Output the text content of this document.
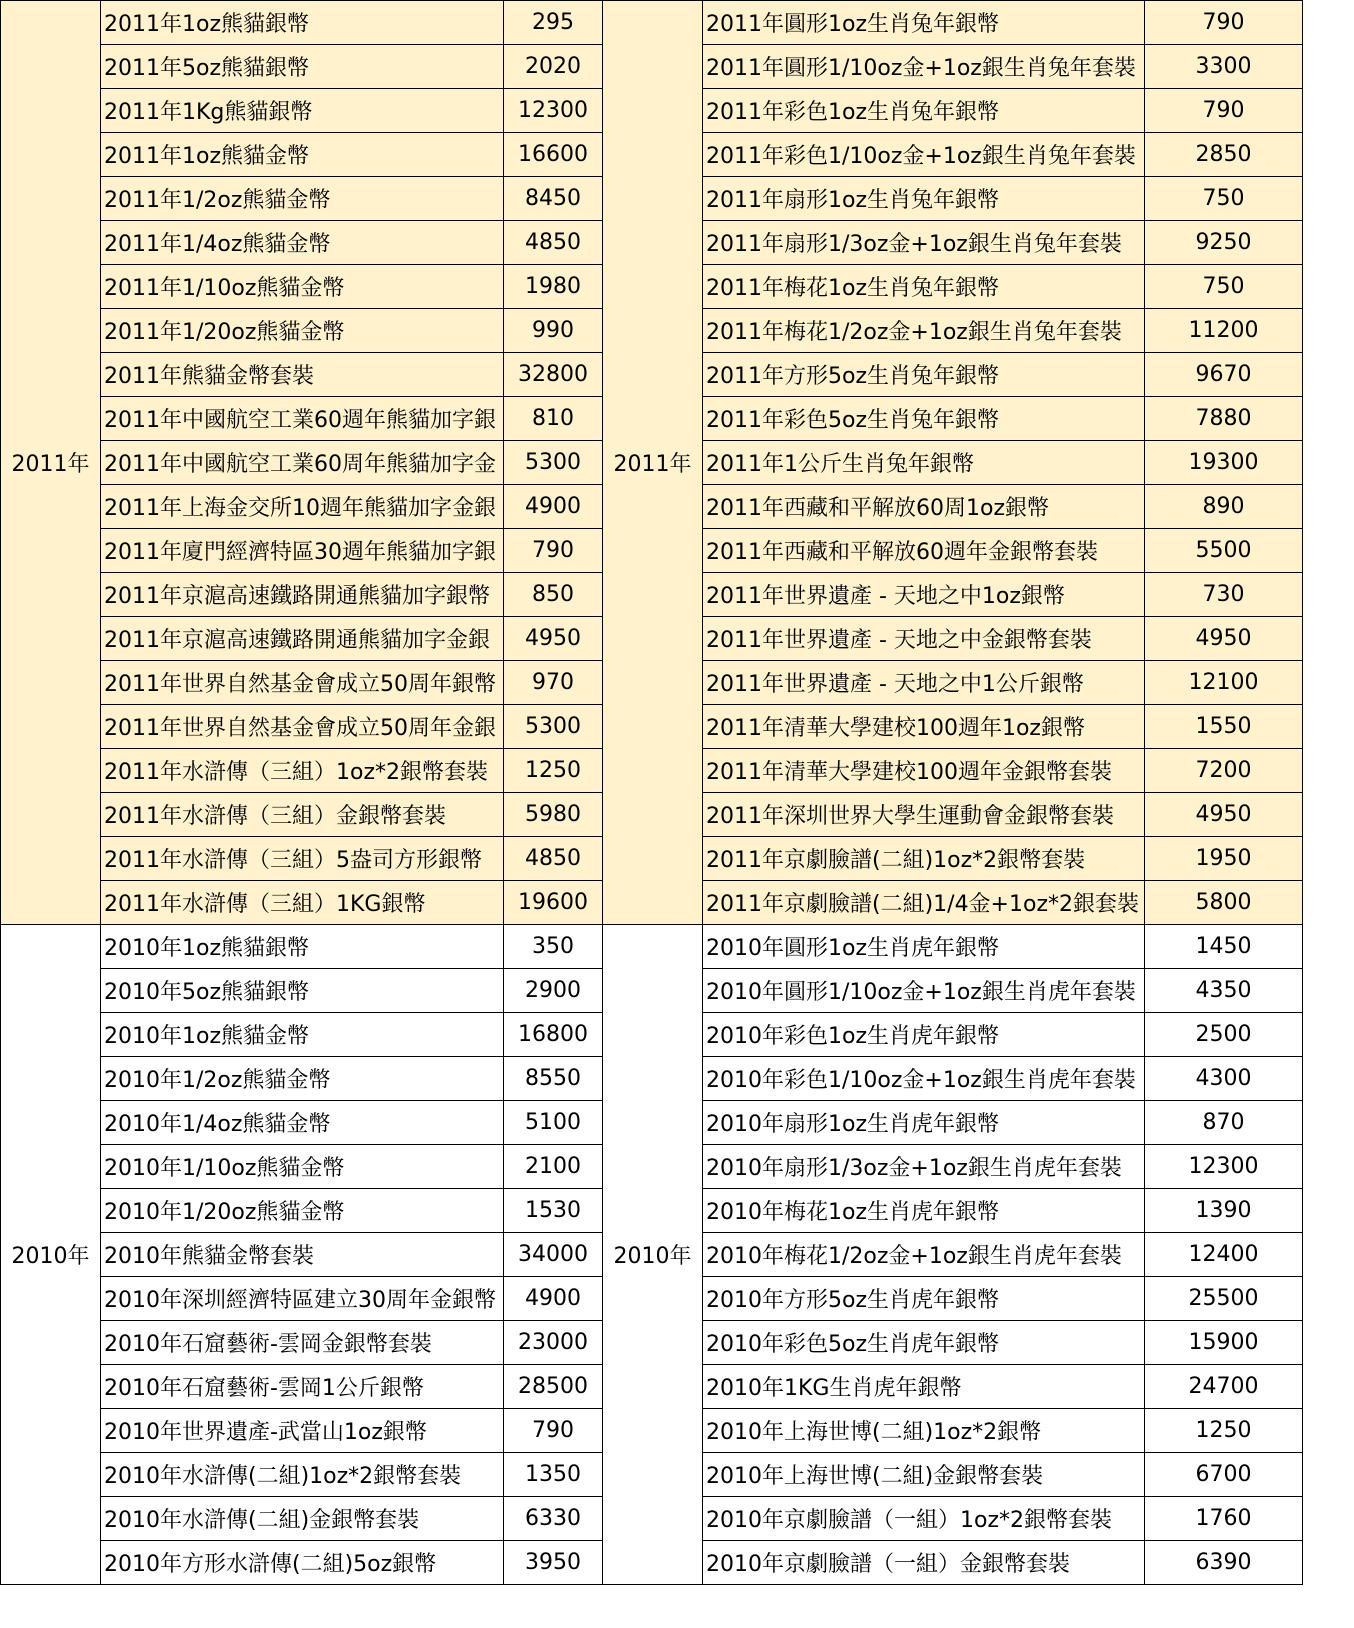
2011年	2011年1oz熊貓銀幣	295	2011年	2011年圓形1oz生肖兔年銀幣	790
	2011年5oz熊貓銀幣	2020		2011年圓形1/10oz金+1oz銀生肖兔年套裝	3300
	2011年1Kg熊貓銀幣	12300		2011年彩色1oz生肖兔年銀幣	790
	2011年1oz熊貓金幣	16600		2011年彩色1/10oz金+1oz銀生肖兔年套裝	2850
	2011年1/2oz熊貓金幣	8450		2011年扇形1oz生肖兔年銀幣	750
	2011年1/4oz熊貓金幣	4850		2011年扇形1/3oz金+1oz銀生肖兔年套裝	9250
	2011年1/10oz熊貓金幣	1980		2011年梅花1oz生肖兔年銀幣	750
	2011年1/20oz熊貓金幣	990		2011年梅花1/2oz金+1oz銀生肖兔年套裝	11200
	2011年熊貓金幣套裝	32800		2011年方形5oz生肖兔年銀幣	9670
	2011年中國航空工業60週年熊貓加字銀	810		2011年彩色5oz生肖兔年銀幣	7880
	2011年中國航空工業60周年熊貓加字金	5300		2011年1公斤生肖兔年銀幣	19300
	2011年上海金交所10週年熊貓加字金銀	4900		2011年西藏和平解放60周1oz銀幣	890
	2011年廈門經濟特區30週年熊貓加字銀	790		2011年西藏和平解放60週年金銀幣套裝	5500
	2011年京滬高速鐵路開通熊貓加字銀幣	850		2011年世界遺產 - 天地之中1oz銀幣	730
	2011年京滬高速鐵路開通熊貓加字金銀	4950		2011年世界遺產 - 天地之中金銀幣套裝	4950
	2011年世界自然基金會成立50周年銀幣	970		2011年世界遺產 - 天地之中1公斤銀幣	12100
	2011年世界自然基金會成立50周年金銀	5300		2011年清華大學建校100週年1oz銀幣	1550
	2011年水滸傳（三組）1oz*2銀幣套裝	1250		2011年清華大學建校100週年金銀幣套裝	7200
	2011年水滸傳（三組）金銀幣套裝	5980		2011年深圳世界大學生運動會金銀幣套裝	4950
	2011年水滸傳（三組）5盎司方形銀幣	4850		2011年京劇臉譜(二組)1oz*2銀幣套裝	1950
	2011年水滸傳（三組）1KG銀幣	19600		2011年京劇臉譜(二組)1/4金+1oz*2銀套裝	5800
2010年	2010年1oz熊貓銀幣	350	2010年	2010年圓形1oz生肖虎年銀幣	1450
	2010年5oz熊貓銀幣	2900		2010年圓形1/10oz金+1oz銀生肖虎年套裝	4350
	2010年1oz熊貓金幣	16800		2010年彩色1oz生肖虎年銀幣	2500
	2010年1/2oz熊貓金幣	8550		2010年彩色1/10oz金+1oz銀生肖虎年套裝	4300
	2010年1/4oz熊貓金幣	5100		2010年扇形1oz生肖虎年銀幣	870
	2010年1/10oz熊貓金幣	2100		2010年扇形1/3oz金+1oz銀生肖虎年套裝	12300
	2010年1/20oz熊貓金幣	1530		2010年梅花1oz生肖虎年銀幣	1390
	2010年熊貓金幣套裝	34000		2010年梅花1/2oz金+1oz銀生肖虎年套裝	12400
	2010年深圳經濟特區建立30周年金銀幣	4900		2010年方形5oz生肖虎年銀幣	25500
	2010年石窟藝術-雲岡金銀幣套裝	23000		2010年彩色5oz生肖虎年銀幣	15900
	2010年石窟藝術-雲岡1公斤銀幣	28500		2010年1KG生肖虎年銀幣	24700
	2010年世界遺產-武當山1oz銀幣	790		2010年上海世博(二組)1oz*2銀幣	1250
	2010年水滸傳(二組)1oz*2銀幣套裝	1350		2010年上海世博(二組)金銀幣套裝	6700
	2010年水滸傳(二組)金銀幣套裝	6330		2010年京劇臉譜（一組）1oz*2銀幣套裝	1760
	2010年方形水滸傳(二組)5oz銀幣	3950		2010年京劇臉譜（一組）金銀幣套裝	6390
